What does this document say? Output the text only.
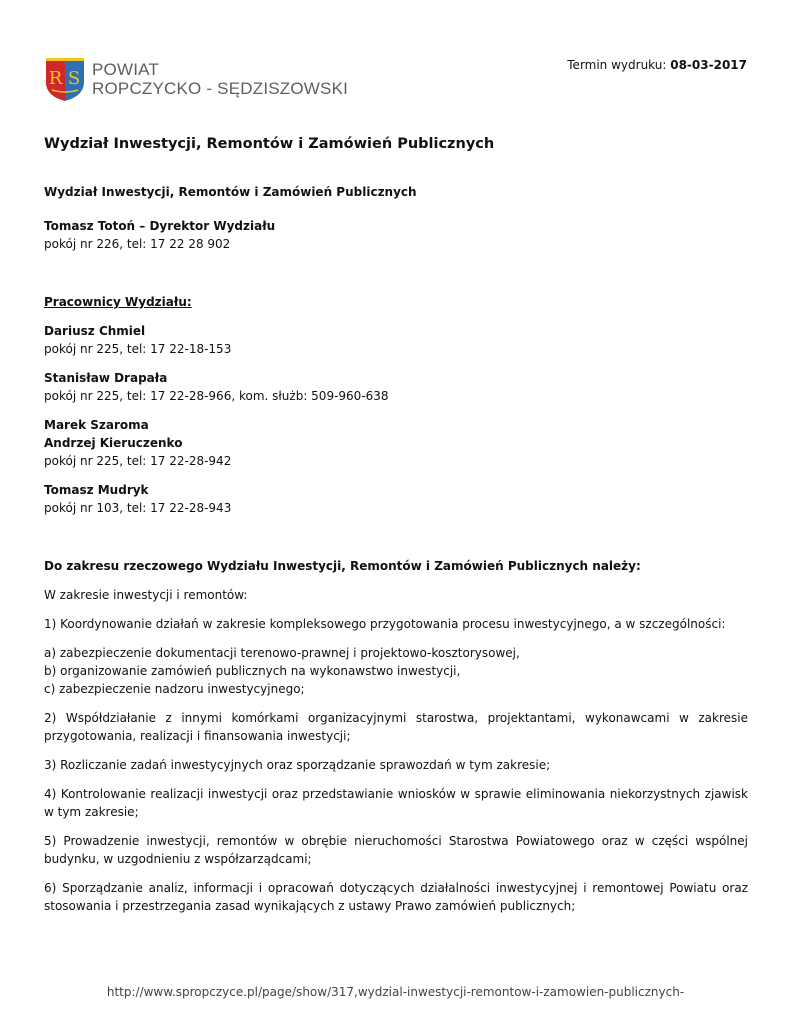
R S POWIAT
ROPCZYCKO - SĘDZISZOWSKI
Termin wydruku: 08-03-2017
Wydział Inwestycji, Remontów i Zamówień Publicznych

Wydział Inwestycji, Remontów i Zamówień Publicznych

Tomasz Totoń – Dyrektor Wydziału

pokój nr 226, tel: 17 22 28 902

Pracownicy Wydziału:

Dariusz Chmiel

pokój nr 225, tel: 17 22-18-153

Stanisław Drapała

pokój nr 225, tel: 17 22-28-966, kom. służb: 509-960-638

Marek Szaroma

Andrzej Kieruczenko

pokój nr 225, tel: 17 22-28-942

Tomasz Mudryk

pokój nr 103, tel: 17 22-28-943

Do zakresu rzeczowego Wydziału Inwestycji, Remontów i Zamówień Publicznych należy:

W zakresie inwestycji i remontów:

1) Koordynowanie działań w zakresie kompleksowego przygotowania procesu inwestycyjnego, a w szczególności:

a) zabezpieczenie dokumentacji terenowo-prawnej i projektowo-kosztorysowej,

b) organizowanie zamówień publicznych na wykonawstwo inwestycji,

c) zabezpieczenie nadzoru inwestycyjnego;

2) Współdziałanie z innymi komórkami organizacyjnymi starostwa, projektantami, wykonawcami w zakresie przygotowania, realizacji i finansowania inwestycji;

3) Rozliczanie zadań inwestycyjnych oraz sporządzanie sprawozdań w tym zakresie;

4) Kontrolowanie realizacji inwestycji oraz przedstawianie wniosków w sprawie eliminowania niekorzystnych zjawisk w tym zakresie;

5) Prowadzenie inwestycji, remontów w obrębie nieruchomości Starostwa Powiatowego oraz w części wspólnej budynku, w uzgodnieniu z współzarządcami;

6) Sporządzanie analiz, informacji i opracowań dotyczących działalności inwestycyjnej i remontowej Powiatu oraz stosowania i przestrzegania zasad wynikających z ustawy Prawo zamówień publicznych;

http://www.spropczyce.pl/page/show/317,wydzial-inwestycji-remontow-i-zamowien-publicznych-
